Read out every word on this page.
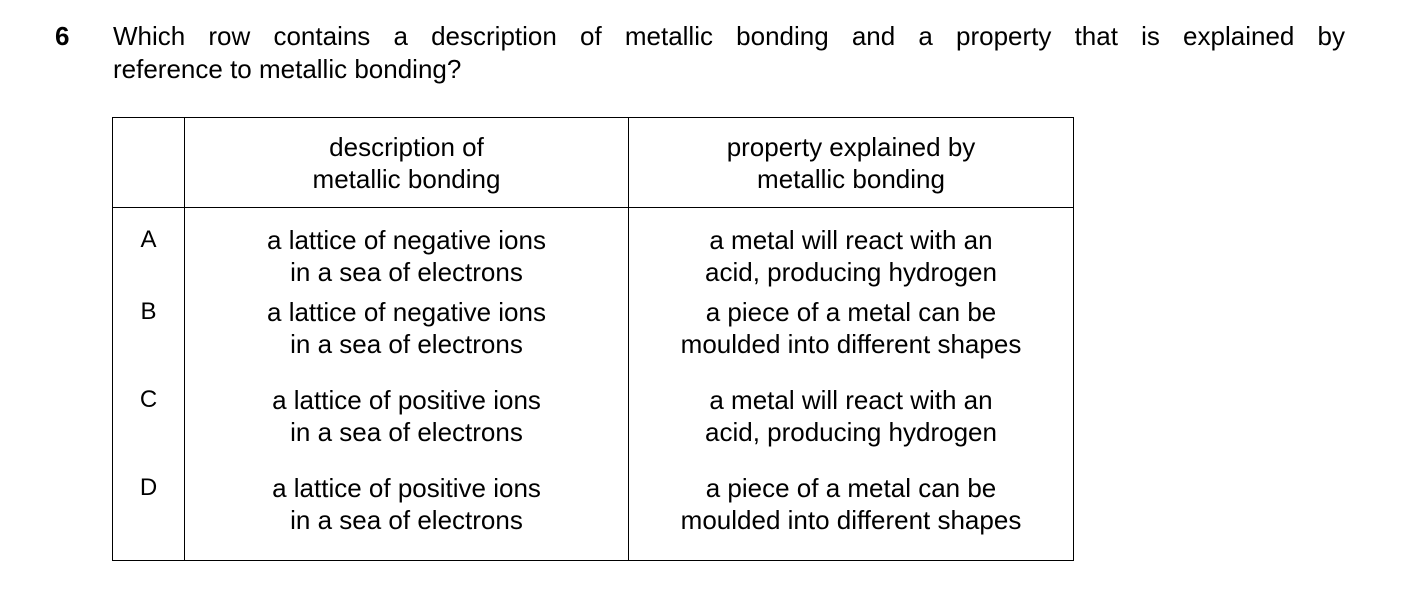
6 Which row contains a description of metallic bonding and a property that is explained by
reference to metallic bonding?

	description of
metallic bonding	property explained by
metallic bonding

A	a lattice of negative ions
in a sea of electrons	a metal will react with an
acid, producing hydrogen

B	a lattice of negative ions
in a sea of electrons	a piece of a metal can be
moulded into different shapes

C	a lattice of positive ions
in a sea of electrons	a metal will react with an
acid, producing hydrogen

D	a lattice of positive ions
in a sea of electrons	a piece of a metal can be
moulded into different shapes
